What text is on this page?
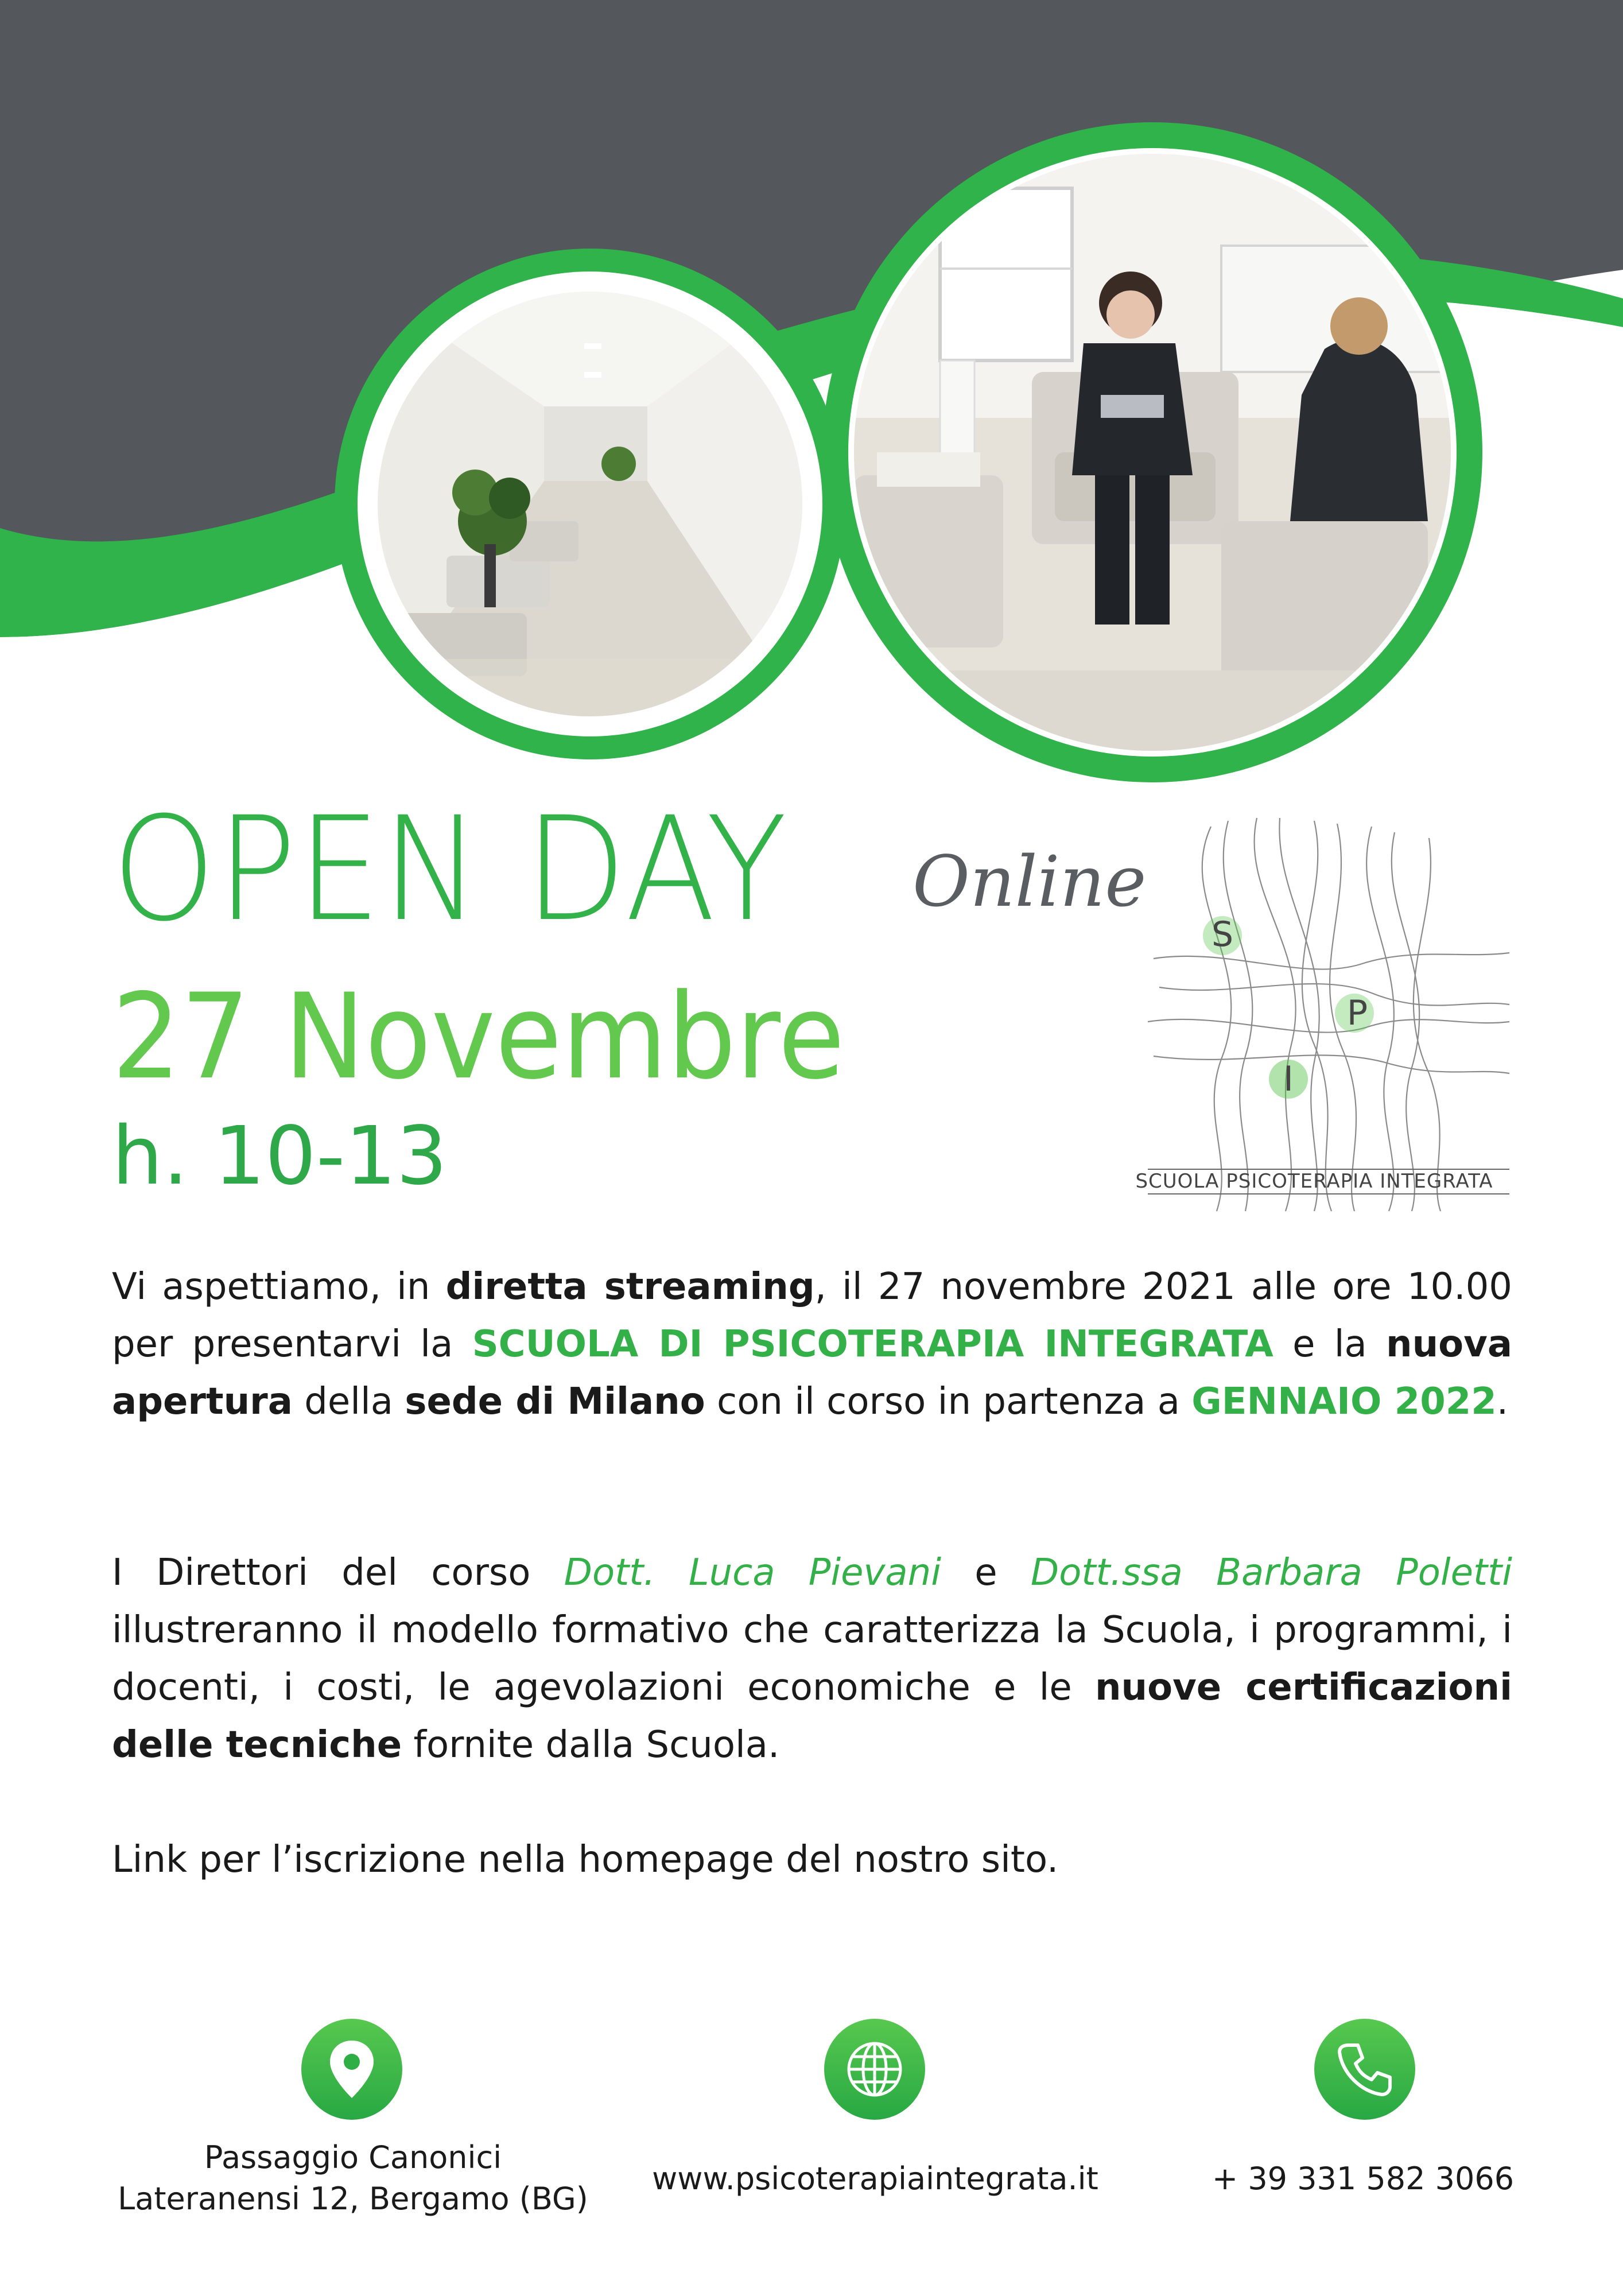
OPEN DAY Online
27 Novembre
h. 10-13
S
P
I
SCUOLA PSICOTERAPIA INTEGRATA
Vi aspettiamo, in diretta streaming, il 27 novembre 2021 alle ore 10.00 per presentarvi la SCUOLA DI PSICOTERAPIA INTEGRATA e la nuova apertura della sede di Milano con il corso in partenza a GENNAIO 2022.
I Direttori del corso Dott. Luca Pievani e Dott.ssa Barbara Poletti illustreranno il modello formativo che caratterizza la Scuola, i programmi, i docenti, i costi, le agevolazioni economiche e le nuove certificazioni delle tecniche fornite dalla Scuola.
Link per l’iscrizione nella homepage del nostro sito.
Passaggio Canonici
Lateranensi 12, Bergamo (BG)
www.psicoterapiaintegrata.it	+ 39 331 582 3066
